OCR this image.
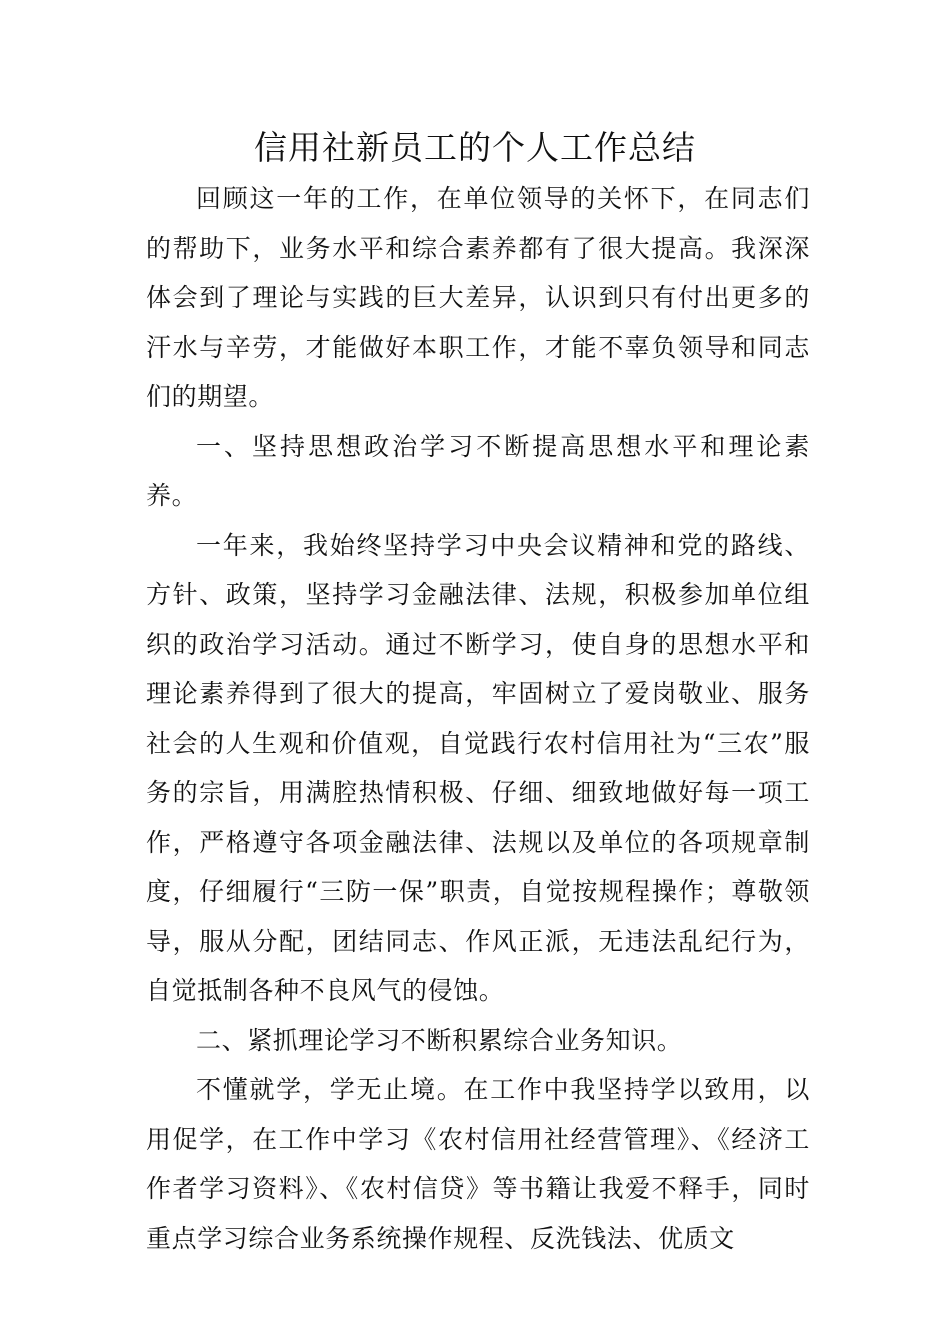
信用社新员工的个人工作总结

回顾这一年的工作，在单位领导的关怀下，在同志们的帮助下，业务水平和综合素养都有了很大提高。我深深体会到了理论与实践的巨大差异，认识到只有付出更多的汗水与辛劳，才能做好本职工作，才能不辜负领导和同志们的期望。

一、坚持思想政治学习不断提高思想水平和理论素养。

一年来，我始终坚持学习中央会议精神和党的路线、方针、政策，坚持学习金融法律、法规，积极参加单位组织的政治学习活动。通过不断学习，使自身的思想水平和理论素养得到了很大的提高，牢固树立了爱岗敬业、服务社会的人生观和价值观，自觉践行农村信用社为“三农”服务的宗旨，用满腔热情积极、仔细、细致地做好每一项工作，严格遵守各项金融法律、法规以及单位的各项规章制度，仔细履行“三防一保”职责，自觉按规程操作；尊敬领导，服从分配，团结同志、作风正派，无违法乱纪行为，自觉抵制各种不良风气的侵蚀。

二、紧抓理论学习不断积累综合业务知识。

不懂就学，学无止境。在工作中我坚持学以致用，以用促学，在工作中学习《农村信用社经营管理》、《经济工作者学习资料》、《农村信贷》等书籍让我爱不释手，同时重点学习综合业务系统操作规程、反洗钱法、优质文
